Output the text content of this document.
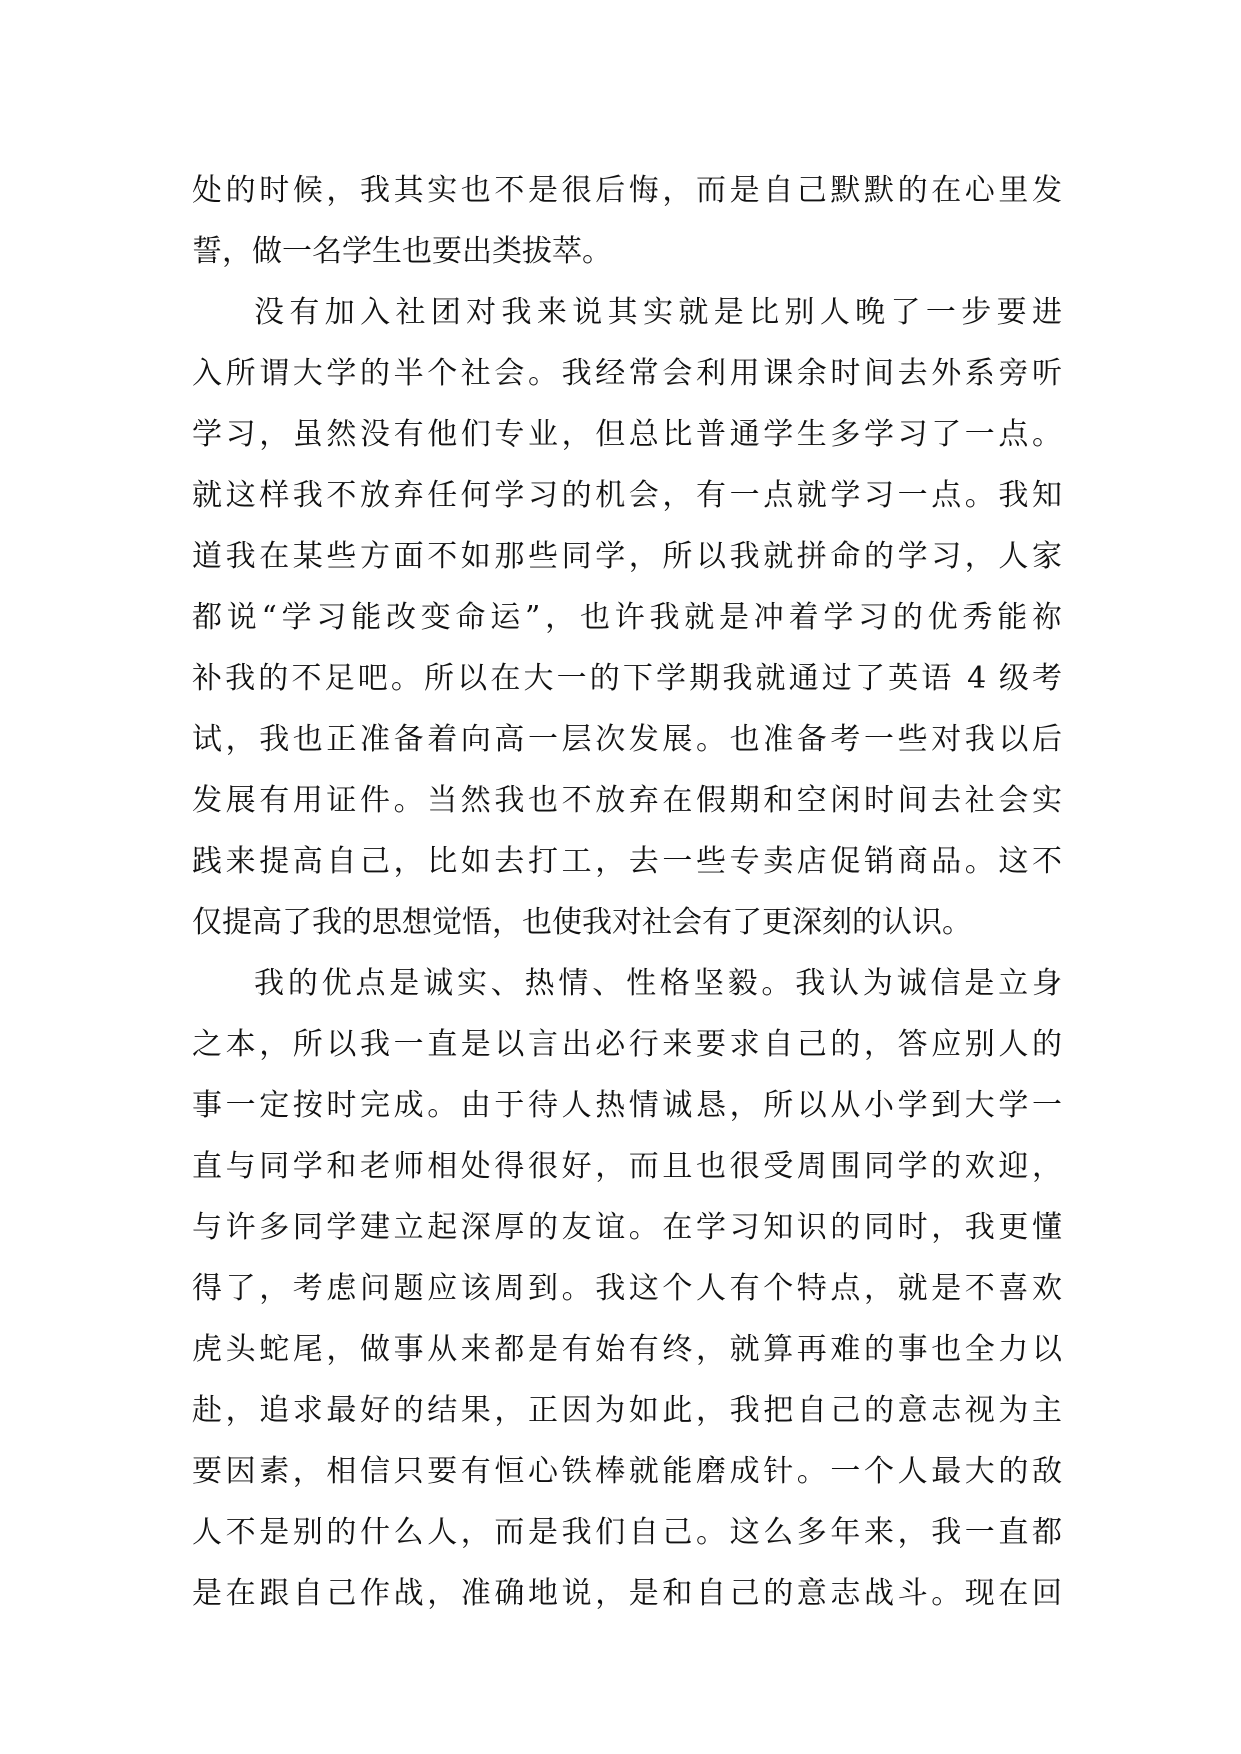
处的时候，我其实也不是很后悔，而是自己默默的在心里发
誓，做一名学生也要出类拔萃。
没有加入社团对我来说其实就是比别人晚了一步要进
入所谓大学的半个社会。我经常会利用课余时间去外系旁听
学习，虽然没有他们专业，但总比普通学生多学习了一点。
就这样我不放弃任何学习的机会，有一点就学习一点。我知
道我在某些方面不如那些同学，所以我就拼命的学习，人家
都说“学习能改变命运”，也许我就是冲着学习的优秀能祢
补我的不足吧。所以在大一的下学期我就通过了英语 4 级考
试，我也正准备着向高一层次发展。也准备考一些对我以后
发展有用证件。当然我也不放弃在假期和空闲时间去社会实
践来提高自己，比如去打工，去一些专卖店促销商品。这不
仅提高了我的思想觉悟，也使我对社会有了更深刻的认识。
我的优点是诚实、热情、性格坚毅。我认为诚信是立身
之本，所以我一直是以言出必行来要求自己的，答应别人的
事一定按时完成。由于待人热情诚恳，所以从小学到大学一
直与同学和老师相处得很好，而且也很受周围同学的欢迎，
与许多同学建立起深厚的友谊。在学习知识的同时，我更懂
得了，考虑问题应该周到。我这个人有个特点，就是不喜欢
虎头蛇尾，做事从来都是有始有终，就算再难的事也全力以
赴，追求最好的结果，正因为如此，我把自己的意志视为主
要因素，相信只要有恒心铁棒就能磨成针。一个人最大的敌
人不是别的什么人，而是我们自己。这么多年来，我一直都
是在跟自己作战，准确地说，是和自己的意志战斗。现在回
